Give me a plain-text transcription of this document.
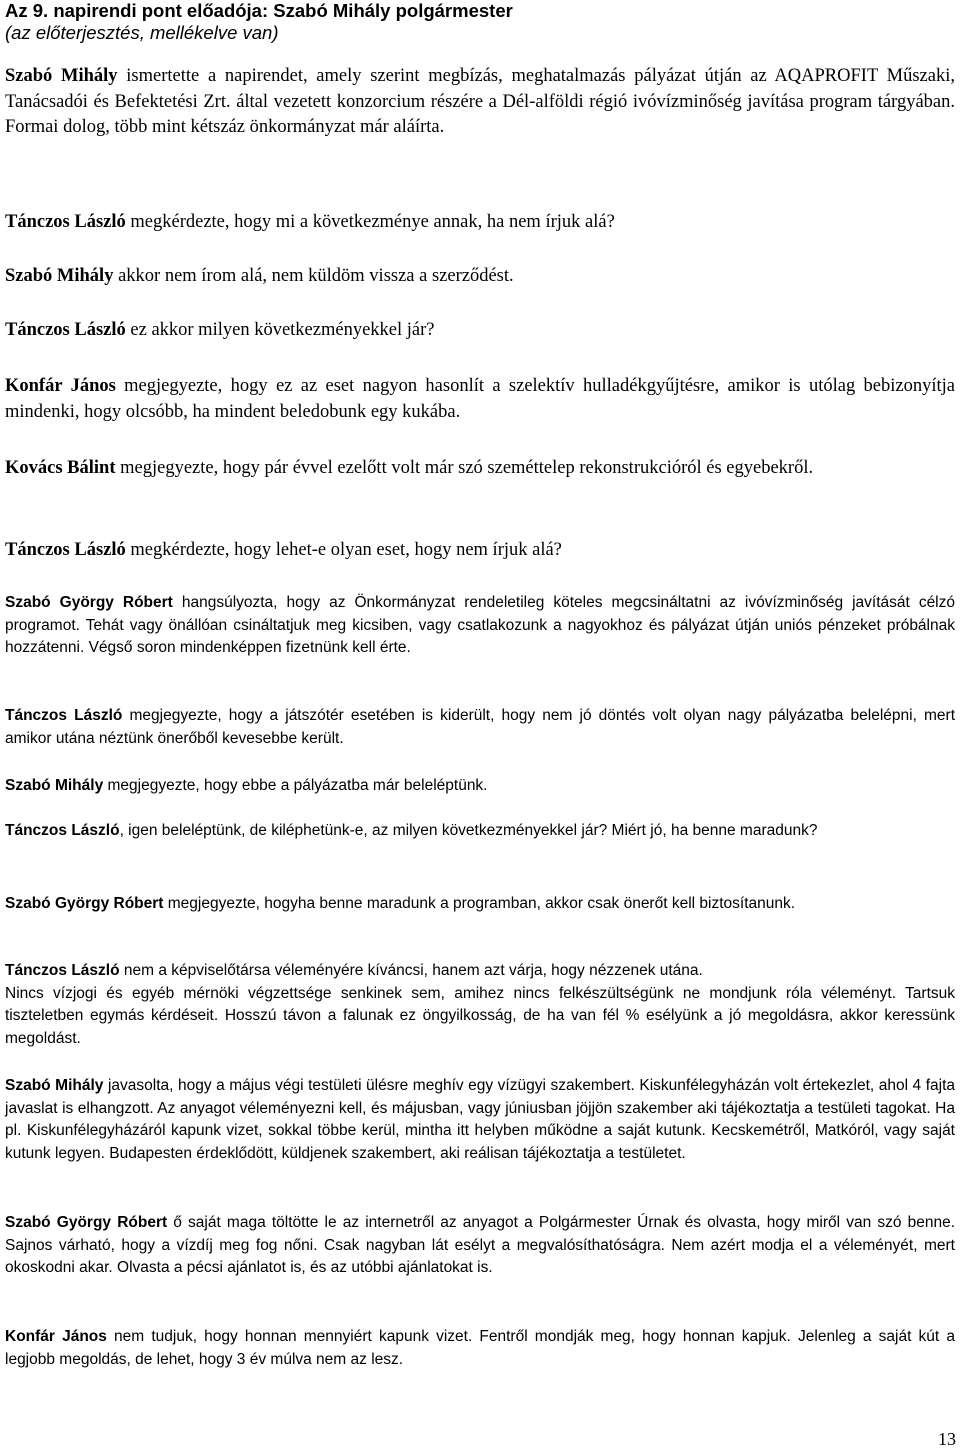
Az 9. napirendi pont előadója: Szabó Mihály polgármester
(az előterjesztés, mellékelve van)

Szabó Mihály ismertette a napirendet, amely szerint megbízás, meghatalmazás pályázat útján az AQAPROFIT Műszaki, Tanácsadói és Befektetési Zrt. által vezetett konzorcium részére a Dél-alföldi régió ivóvízminőség javítása program tárgyában. Formai dolog, több mint kétszáz önkormányzat már aláírta.

Tánczos László megkérdezte, hogy mi a következménye annak, ha nem írjuk alá?

Szabó Mihály akkor nem írom alá, nem küldöm vissza a szerződést.

Tánczos László ez akkor milyen következményekkel jár?

Konfár János megjegyezte, hogy ez az eset nagyon hasonlít a szelektív hulladékgyűjtésre, amikor is utólag bebizonyítja mindenki, hogy olcsóbb, ha mindent beledobunk egy kukába.

Kovács Bálint megjegyezte, hogy pár évvel ezelőtt volt már szó szeméttelep rekonstrukcióról és egyebekről.

Tánczos László megkérdezte, hogy lehet-e olyan eset, hogy nem írjuk alá?

Szabó György Róbert hangsúlyozta, hogy az Önkormányzat rendeletileg köteles megcsináltatni az ivóvízminőség javítását célzó programot. Tehát vagy önállóan csináltatjuk meg kicsiben, vagy csatlakozunk a nagyokhoz és pályázat útján uniós pénzeket próbálnak hozzátenni. Végső soron mindenképpen fizetnünk kell érte.

Tánczos László megjegyezte, hogy a játszótér esetében is kiderült, hogy nem jó döntés volt olyan nagy pályázatba belelépni, mert amikor utána néztünk önerőből kevesebbe került.

Szabó Mihály megjegyezte, hogy ebbe a pályázatba már beleléptünk.

Tánczos László, igen beleléptünk, de kiléphetünk-e, az milyen következményekkel jár? Miért jó, ha benne maradunk?

Szabó György Róbert megjegyezte, hogyha benne maradunk a programban, akkor csak önerőt kell biztosítanunk.

Tánczos László nem a képviselőtársa véleményére kíváncsi, hanem azt várja, hogy nézzenek utána.
Nincs vízjogi és egyéb mérnöki végzettsége senkinek sem, amihez nincs felkészültségünk ne mondjunk róla véleményt. Tartsuk tiszteletben egymás kérdéseit. Hosszú távon a falunak ez öngyilkosság, de ha van fél % esélyünk a jó megoldásra, akkor keressünk megoldást.

Szabó Mihály javasolta, hogy a május végi testületi ülésre meghív egy vízügyi szakembert. Kiskunfélegyházán volt értekezlet, ahol 4 fajta javaslat is elhangzott. Az anyagot véleményezni kell, és májusban, vagy júniusban jöjjön szakember aki tájékoztatja a testületi tagokat. Ha pl. Kiskunfélegyházáról kapunk vizet, sokkal többe kerül, mintha itt helyben működne a saját kutunk. Kecskemétről, Matkóról, vagy saját kutunk legyen. Budapesten érdeklődött, küldjenek szakembert, aki reálisan tájékoztatja a testületet.

Szabó György Róbert ő saját maga töltötte le az internetről az anyagot a Polgármester Úrnak és olvasta, hogy miről van szó benne. Sajnos várható, hogy a vízdíj meg fog nőni. Csak nagyban lát esélyt a megvalósíthatóságra. Nem azért modja el a véleményét, mert okoskodni akar. Olvasta a pécsi ajánlatot is, és az utóbbi ajánlatokat is.

Konfár János nem tudjuk, hogy honnan mennyiért kapunk vizet. Fentről mondják meg, hogy honnan kapjuk. Jelenleg a saját kút a legjobb megoldás, de lehet, hogy 3 év múlva nem az lesz.

13
